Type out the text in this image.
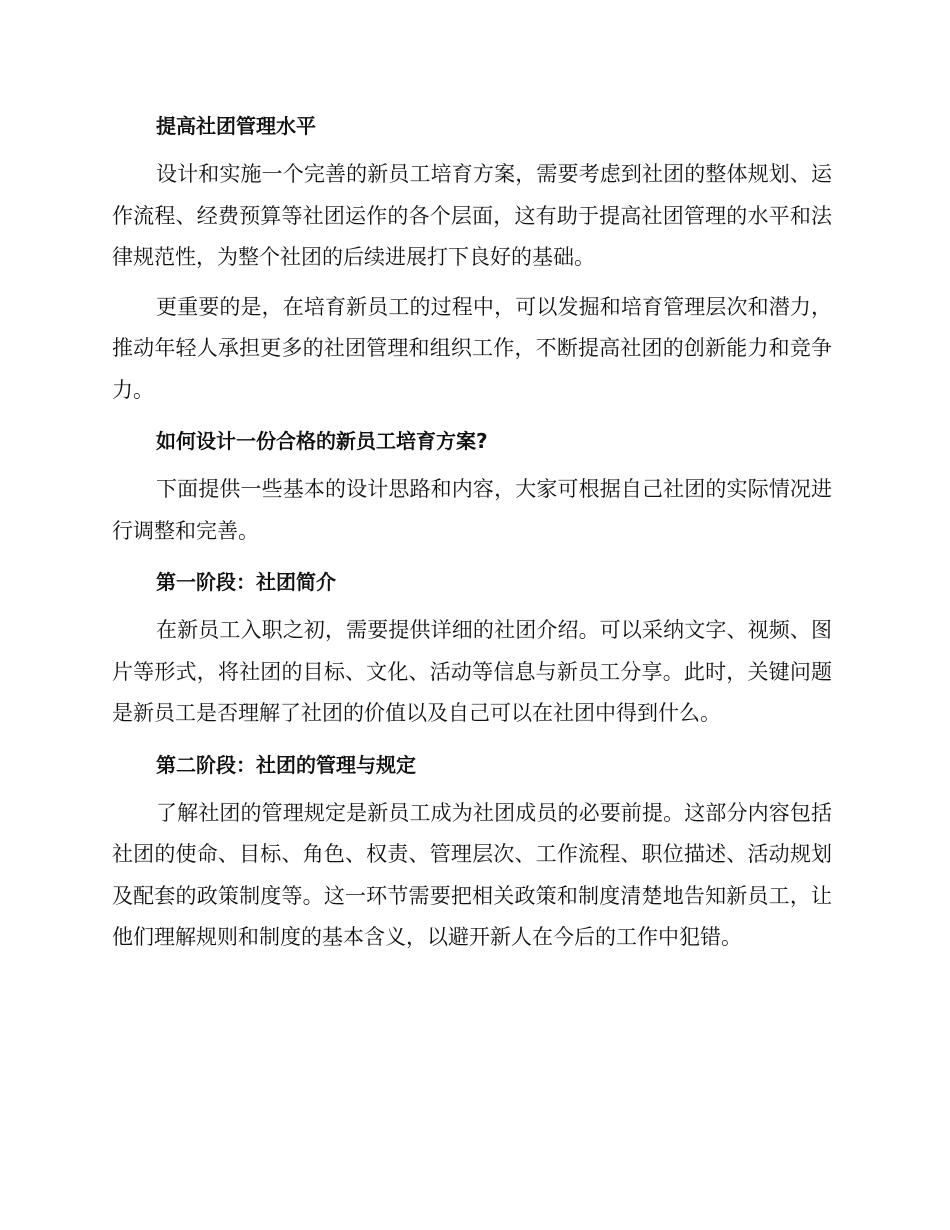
提高社团管理水平

设计和实施一个完善的新员工培育方案，需要考虑到社团的整体规划、运作流程、经费预算等社团运作的各个层面，这有助于提高社团管理的水平和法律规范性，为整个社团的后续进展打下良好的基础。

更重要的是，在培育新员工的过程中，可以发掘和培育管理层次和潜力，推动年轻人承担更多的社团管理和组织工作，不断提高社团的创新能力和竞争力。

如何设计一份合格的新员工培育方案?

下面提供一些基本的设计思路和内容，大家可根据自己社团的实际情况进行调整和完善。

第一阶段：社团简介

在新员工入职之初，需要提供详细的社团介绍。可以采纳文字、视频、图片等形式，将社团的目标、文化、活动等信息与新员工分享。此时，关键问题是新员工是否理解了社团的价值以及自己可以在社团中得到什么。

第二阶段：社团的管理与规定

了解社团的管理规定是新员工成为社团成员的必要前提。这部分内容包括社团的使命、目标、角色、权责、管理层次、工作流程、职位描述、活动规划及配套的政策制度等。这一环节需要把相关政策和制度清楚地告知新员工，让他们理解规则和制度的基本含义，以避开新人在今后的工作中犯错。
